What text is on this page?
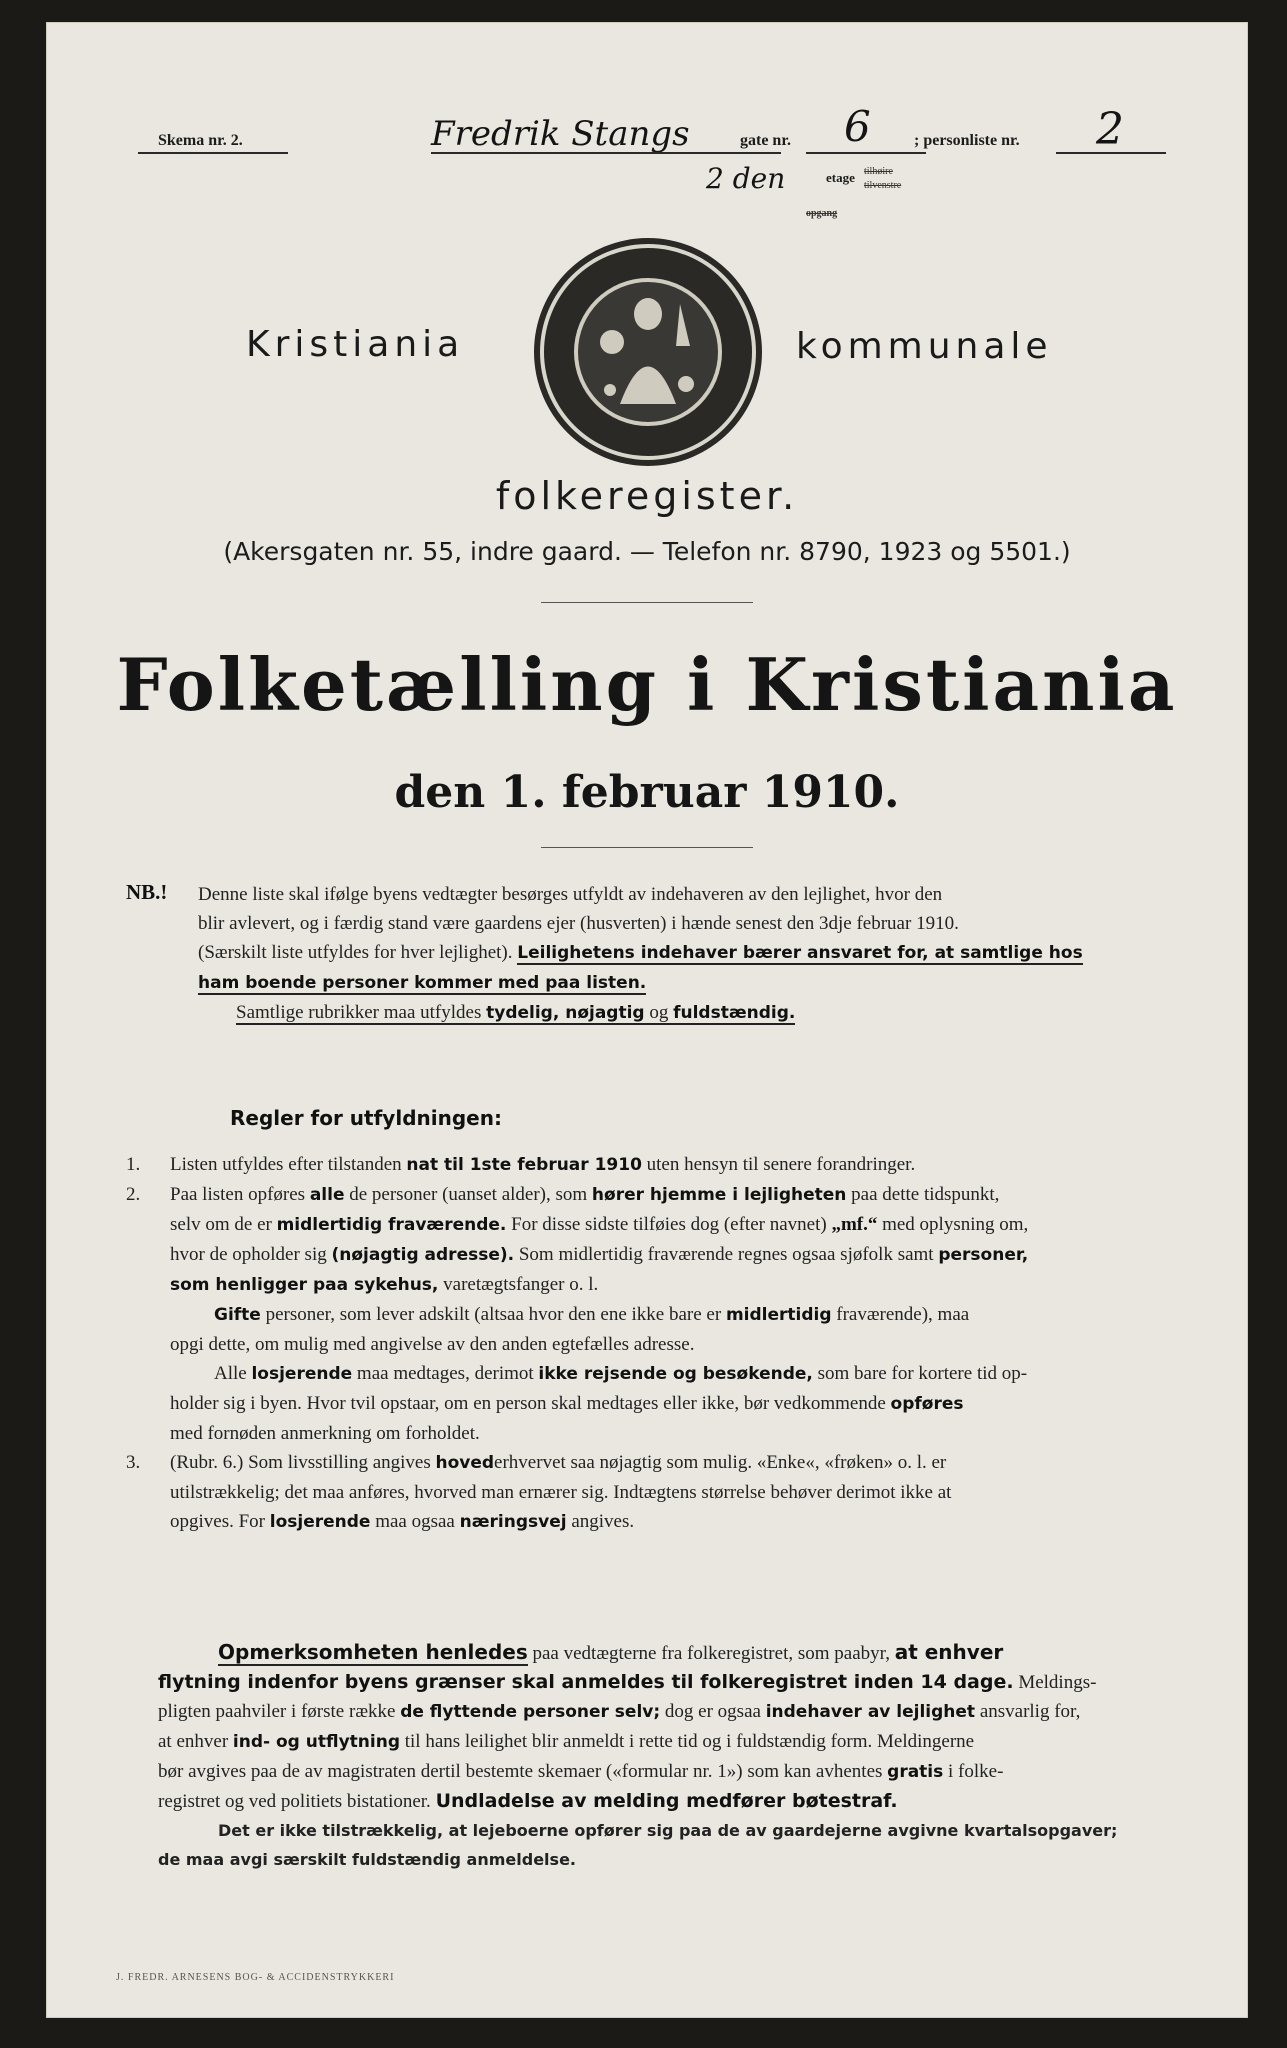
Skema nr. 2.	Fredrik Stangs	gate nr. 6	; personliste nr. 2
2 den	etage tilhøire
tilvenstre
opgang
Kristiania	kommunale
folkeregister.
(Akersgaten nr. 55, indre gaard. — Telefon nr. 8790, 1923 og 5501.)
Folketælling i Kristiania
den 1. februar 1910.
NB.! Denne liste skal ifølge byens vedtægter besørges utfyldt av indehaveren av den lejlighet, hvor den
blir avlevert, og i færdig stand være gaardens ejer (husverten) i hænde senest den 3dje februar 1910.
(Særskilt liste utfyldes for hver lejlighet). Leilighetens indehaver bærer ansvaret for, at samtlige hos
ham boende personer kommer med paa listen.
Samtlige rubrikker maa utfyldes tydelig, nøjagtig og fuldstændig.
Regler for utfyldningen:
1. Listen utfyldes efter tilstanden nat til 1ste februar 1910 uten hensyn til senere forandringer.
2. Paa listen opføres alle de personer (uanset alder), som hører hjemme i lejligheten paa dette tidspunkt,
selv om de er midlertidig fraværende. For disse sidste tilføies dog (efter navnet) „mf.“ med oplysning om,
hvor de opholder sig (nøjagtig adresse). Som midlertidig fraværende regnes ogsaa sjøfolk samt personer,
som henligger paa sykehus, varetægtsfanger o. l.
Gifte personer, som lever adskilt (altsaa hvor den ene ikke bare er midlertidig fraværende), maa
opgi dette, om mulig med angivelse av den anden egtefælles adresse.
Alle losjerende maa medtages, derimot ikke rejsende og besøkende, som bare for kortere tid op-
holder sig i byen. Hvor tvil opstaar, om en person skal medtages eller ikke, bør vedkommende opføres
med fornøden anmerkning om forholdet.
3. (Rubr. 6.) Som livsstilling angives hovederhvervet saa nøjagtig som mulig. «Enke«, «frøken» o. l. er
utilstrækkelig; det maa anføres, hvorved man ernærer sig. Indtægtens størrelse behøver derimot ikke at
opgives. For losjerende maa ogsaa næringsvej angives.
Opmerksomheten henledes paa vedtægterne fra folkeregistret, som paabyr, at enhver
flytning indenfor byens grænser skal anmeldes til folkeregistret inden 14 dage. Meldings-
pligten paahviler i første række de flyttende personer selv; dog er ogsaa indehaver av lejlighet ansvarlig for,
at enhver ind- og utflytning til hans leilighet blir anmeldt i rette tid og i fuldstændig form. Meldingerne
bør avgives paa de av magistraten dertil bestemte skemaer («formular nr. 1») som kan avhentes gratis i folke-
registret og ved politiets bistationer. Undladelse av melding medfører bøtestraf.
Det er ikke tilstrækkelig, at lejeboerne opfører sig paa de av gaardejerne avgivne kvartalsopgaver;
de maa avgi særskilt fuldstændig anmeldelse.
J. FREDR. ARNESENS BOG- & ACCIDENSTRYKKERI
